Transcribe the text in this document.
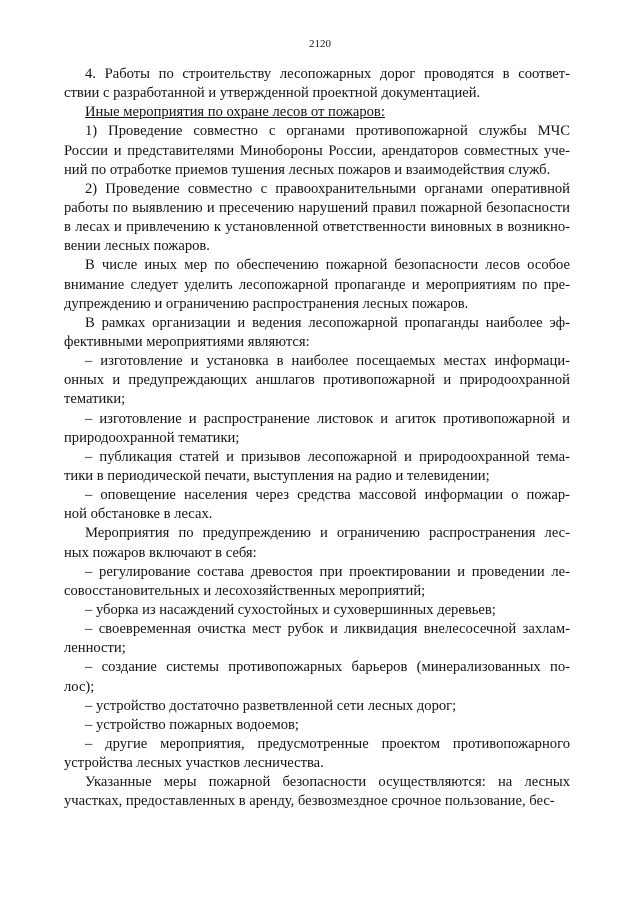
2120
4. Работы по строительству лесопожарных дорог проводятся в соответ-
ствии с разработанной и утвержденной проектной документацией.
Иные мероприятия по охране лесов от пожаров:
1) Проведение совместно с органами противопожарной службы МЧС
России и представителями Минобороны России, арендаторов совместных уче-
ний по отработке приемов тушения лесных пожаров и взаимодействия служб.
2) Проведение совместно с правоохранительными органами оперативной
работы по выявлению и пресечению нарушений правил пожарной безопасности
в лесах и привлечению к установленной ответственности виновных в возникно-
вении лесных пожаров.
В числе иных мер по обеспечению пожарной безопасности лесов особое
внимание следует уделить лесопожарной пропаганде и мероприятиям по пре-
дупреждению и ограничению распространения лесных пожаров.
В рамках организации и ведения лесопожарной пропаганды наиболее эф-
фективными мероприятиями являются:
– изготовление и установка в наиболее посещаемых местах информаци-
онных и предупреждающих аншлагов противопожарной и природоохранной
тематики;
– изготовление и распространение листовок и агиток противопожарной и
природоохранной тематики;
– публикация статей и призывов лесопожарной и природоохранной тема-
тики в периодической печати, выступления на радио и телевидении;
– оповещение населения через средства массовой информации о пожар-
ной обстановке в лесах.
Мероприятия по предупреждению и ограничению распространения лес-
ных пожаров включают в себя:
– регулирование состава древостоя при проектировании и проведении ле-
совосстановительных и лесохозяйственных мероприятий;
– уборка из насаждений сухостойных и суховершинных деревьев;
– своевременная очистка мест рубок и ликвидация внелесосечной захлам-
ленности;
– создание системы противопожарных барьеров (минерализованных по-
лос);
– устройство достаточно разветвленной сети лесных дорог;
– устройство пожарных водоемов;
– другие мероприятия, предусмотренные проектом противопожарного
устройства лесных участков лесничества.
Указанные меры пожарной безопасности осуществляются: на лесных
участках, предоставленных в аренду, безвозмездное срочное пользование, бес-
